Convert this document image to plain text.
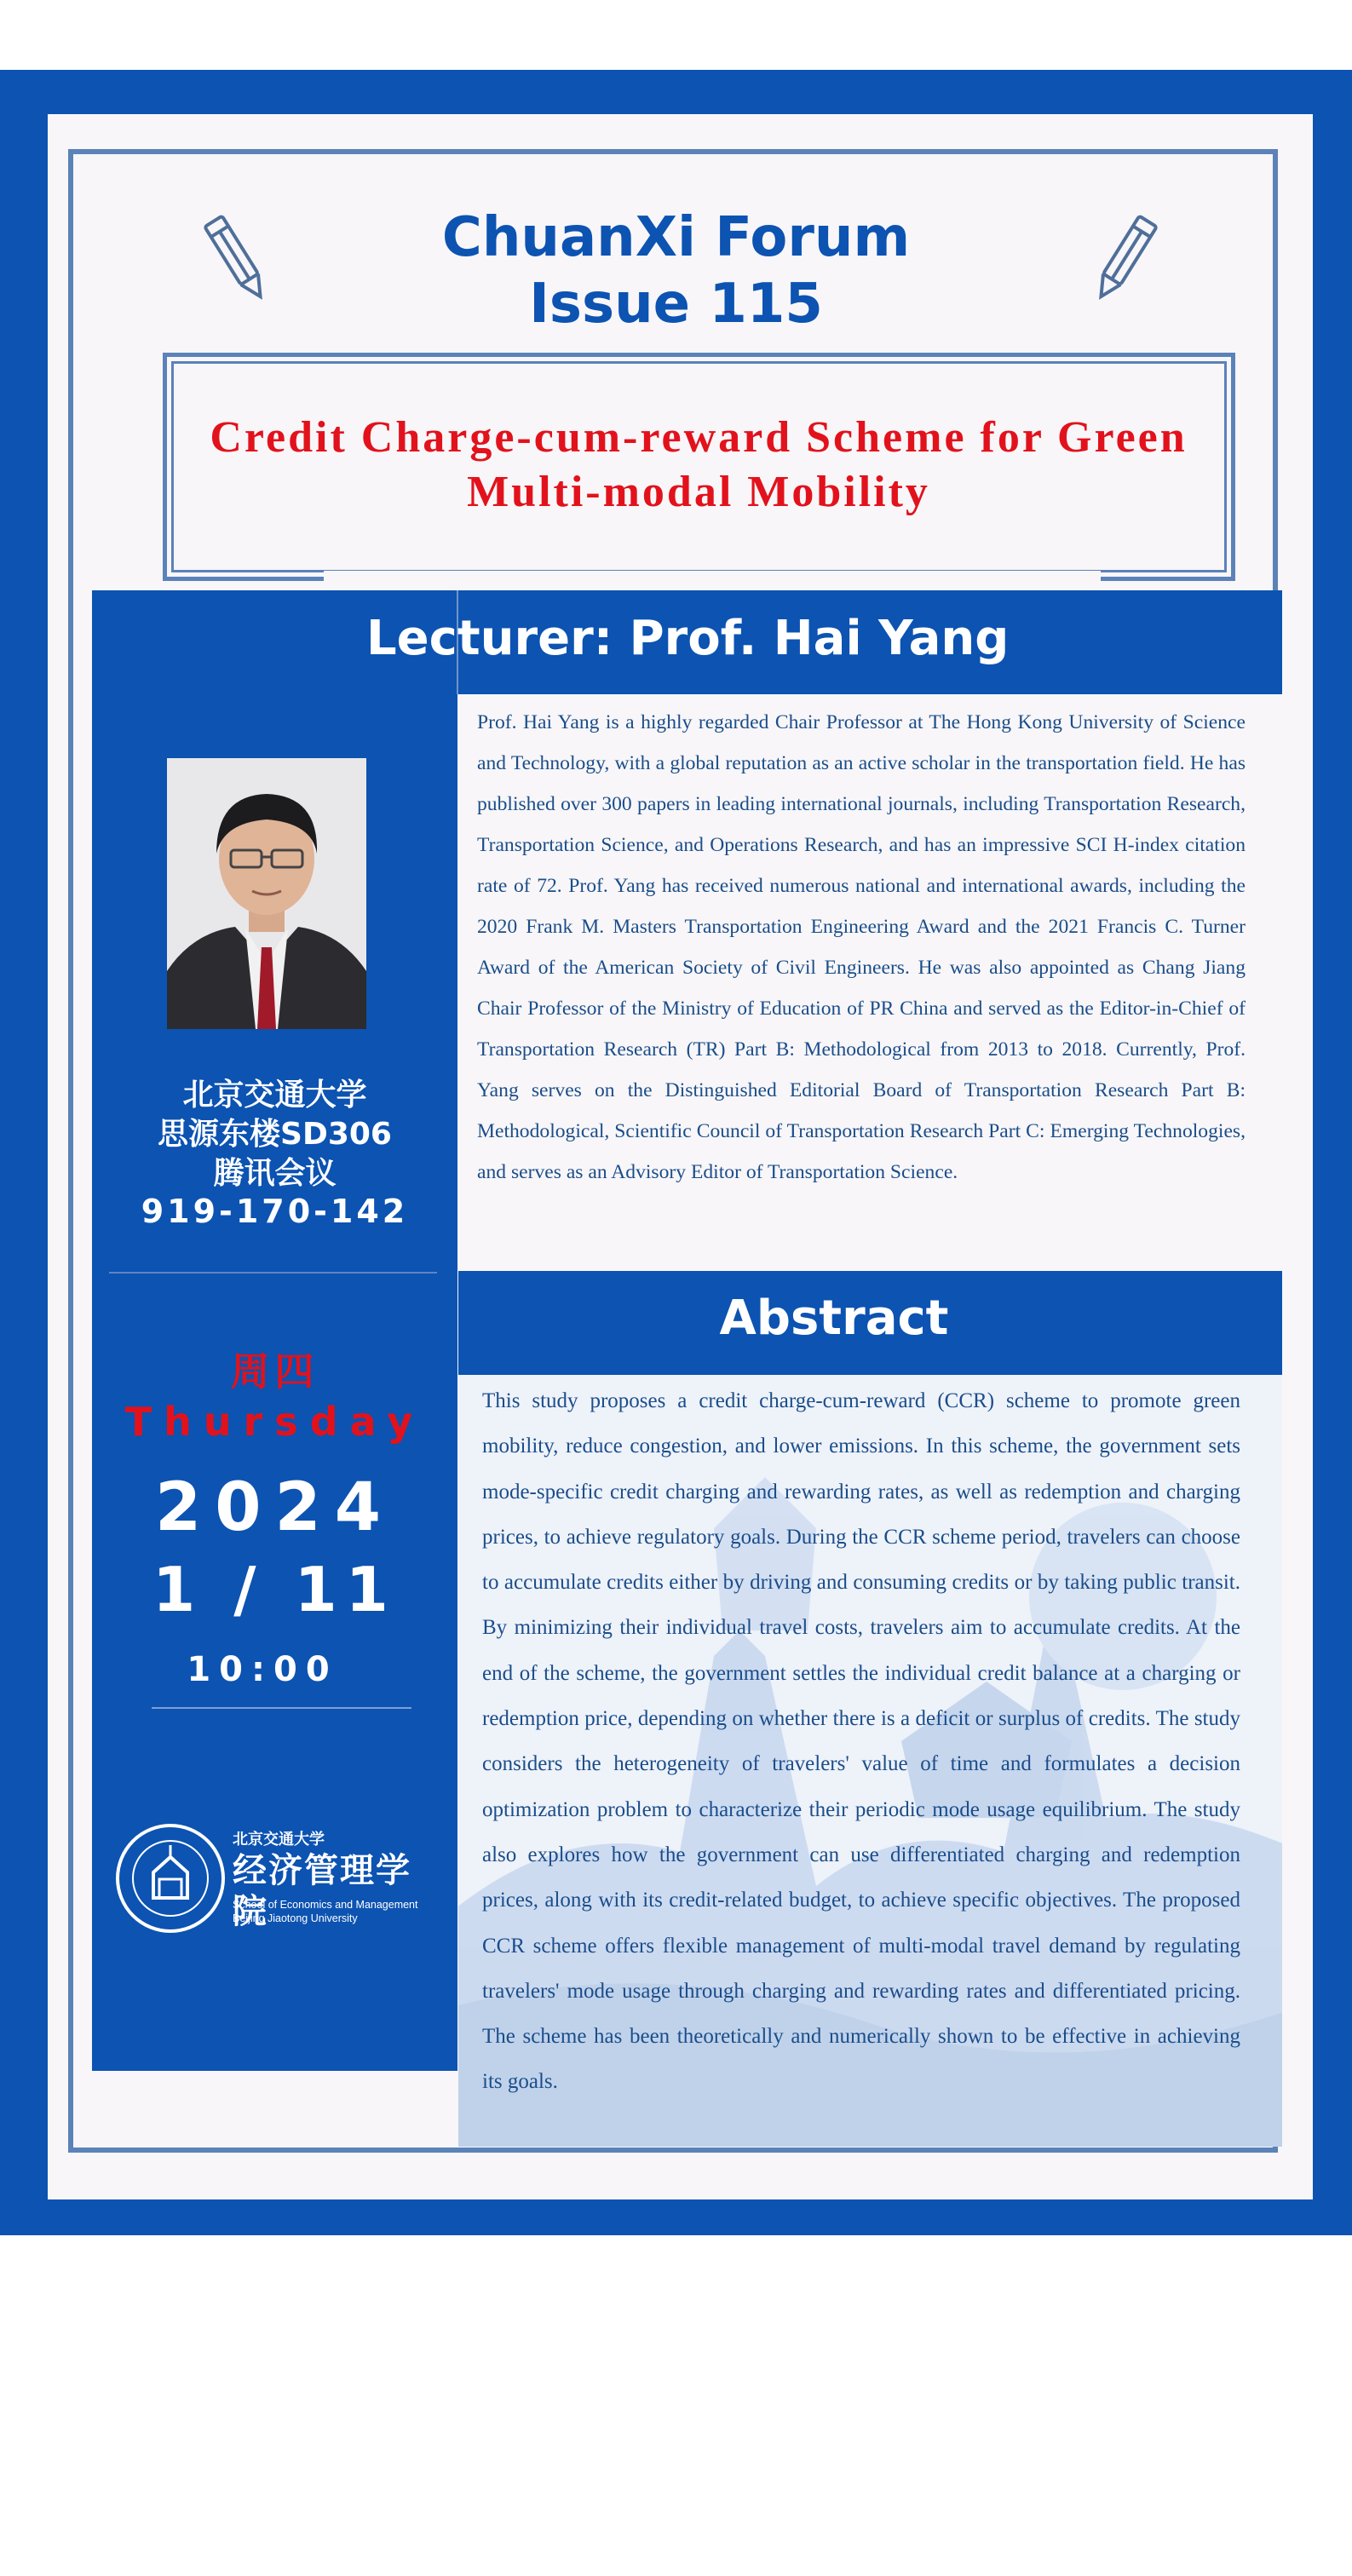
ChuanXi Forum
Issue 115
Credit Charge-cum-reward Scheme for Green
Multi-modal Mobility
Lecturer: Prof. Hai Yang

Prof. Hai Yang is a highly regarded Chair Professor at The Hong Kong University of Science and Technology, with a global reputation as an active scholar in the transportation field. He has published over 300 papers in leading international journals, including Transportation Research, Transportation Science, and Operations Research, and has an impressive SCI H-index citation rate of 72. Prof. Yang has received numerous national and international awards, including the 2020 Frank M. Masters Transportation Engineering Award and the 2021 Francis C. Turner Award of the American Society of Civil Engineers. He was also appointed as Chang Jiang Chair Professor of the Ministry of Education of PR China and served as the Editor-in-Chief of Transportation Research (TR) Part B: Methodological from 2013 to 2018. Currently, Prof. Yang serves on the Distinguished Editorial Board of Transportation Research Part B: Methodological, Scientific Council of Transportation Research Part C: Emerging Technologies, and serves as an Advisory Editor of Transportation Science.

Abstract

This study proposes a credit charge-cum-reward (CCR) scheme to promote green mobility, reduce congestion, and lower emissions. In this scheme, the government sets mode-specific credit charging and rewarding rates, as well as redemption and charging prices, to achieve regulatory goals. During the CCR scheme period, travelers can choose to accumulate credits either by driving and consuming credits or by taking public transit. By minimizing their individual travel costs, travelers aim to accumulate credits. At the end of the scheme, the government settles the individual credit balance at a charging or redemption price, depending on whether there is a deficit or surplus of credits. The study considers the heterogeneity of travelers' value of time and formulates a decision optimization problem to characterize their periodic mode usage equilibrium. The study also explores how the government can use differentiated charging and redemption prices, along with its credit-related budget, to achieve specific objectives. The proposed CCR scheme offers flexible management of multi-modal travel demand by regulating travelers' mode usage through charging and rewarding rates and differentiated pricing. The scheme has been theoretically and numerically shown to be effective in achieving its goals.

北京交通大学
思源东楼SD306
腾讯会议
919-170-142
周四
Thursday
2024
1 / 11
10:00
北京交通大学
经济管理学院
School of Economics and Management
Beijing Jiaotong University
